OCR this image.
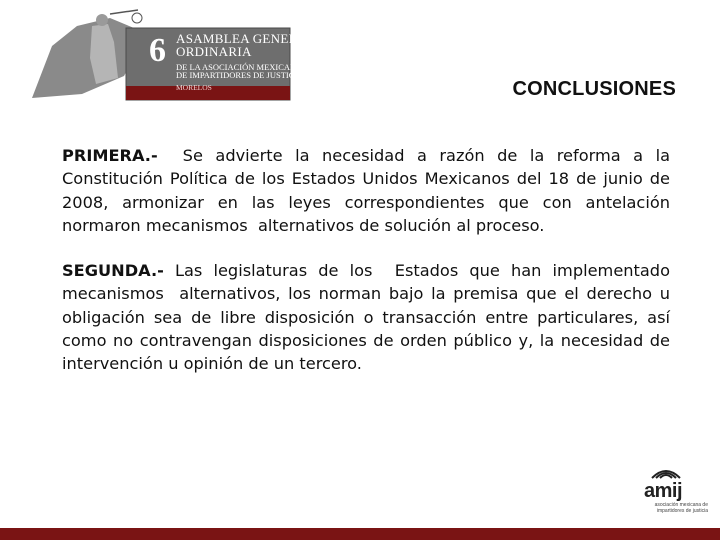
6 ASAMBLEA GENERAL
ORDINARIA
DE LA ASOCIACIÓN MEXICANA
DE IMPARTIDORES DE JUSTICIA
MORELOS	CONCLUSIONES

PRIMERA.-  Se advierte la necesidad a razón de la reforma a la Constitución Política de los Estados Unidos Mexicanos del 18 de junio de 2008, armonizar en las leyes correspondientes que con antelación normaron mecanismos  alternativos de solución al proceso.

SEGUNDA.- Las legislaturas de los  Estados que han implementado mecanismos  alternativos, los norman bajo la premisa que el derecho u obligación sea de libre disposición o transacción entre particulares, así como no contravengan disposiciones de orden público y, la necesidad de intervención u opinión de un tercero.

amij
asociación mexicana de
impartidores de justicia
